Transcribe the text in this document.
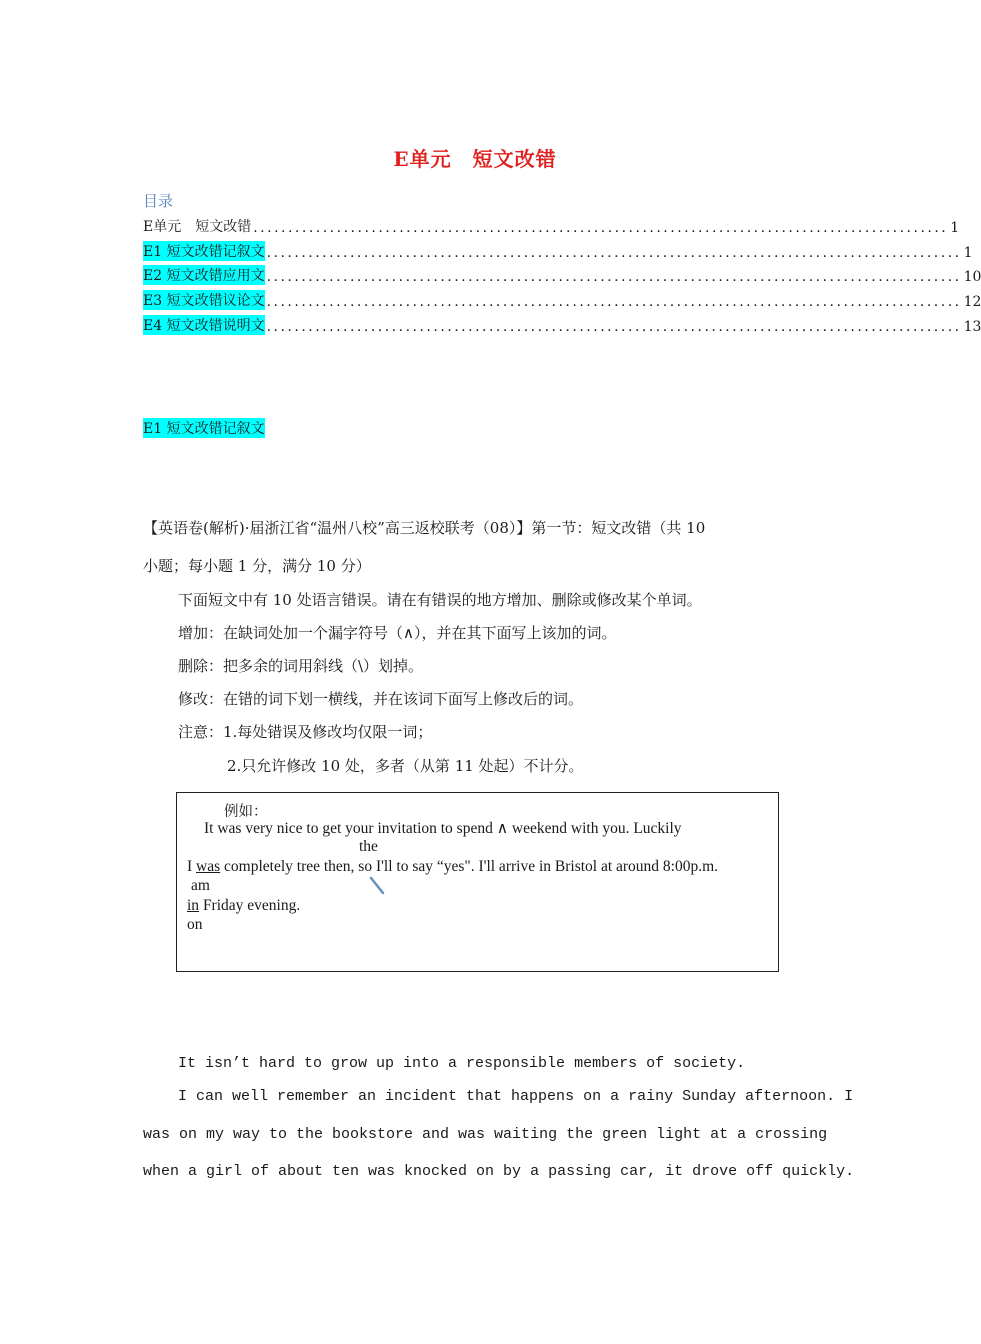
E单元　短文改错
目录
E单元　短文改错 .................................................................................................... 1
E1 短文改错记叙文 .................................................................................................... 1
E2 短文改错应用文 .................................................................................................... 10
E3 短文改错议论文 .................................................................................................... 12
E4 短文改错说明文 .................................................................................................... 13
E1 短文改错记叙文
【英语卷(解析)·届浙江省“温州八校”高三返校联考（08）】第一节：短文改错（共 10
小题；每小题 1 分，满分 10 分）
下面短文中有 10 处语言错误。请在有错误的地方增加、删除或修改某个单词。
增加：在缺词处加一个漏字符号（∧），并在其下面写上该加的词。
删除：把多余的词用斜线（\）划掉。
修改：在错的词下划一横线，并在该词下面写上修改后的词。
注意：1.每处错误及修改均仅限一词；
2.只允许修改 10 处，多者（从第 11 处起）不计分。
例如：
It was very nice to get your invitation to spend ∧ weekend with you. Luckily
the
I was completely tree then, so I'll to say “yes". I'll arrive in Bristol at around 8:00p.m.
am
in Friday evening.
on
It isn’t hard to grow up into a responsible members of society.
I can well remember an incident that happens on a rainy Sunday afternoon. I
was on my way to the bookstore and was waiting the green light at a crossing
when a girl of about ten was knocked on by a passing car, it drove off quickly.
